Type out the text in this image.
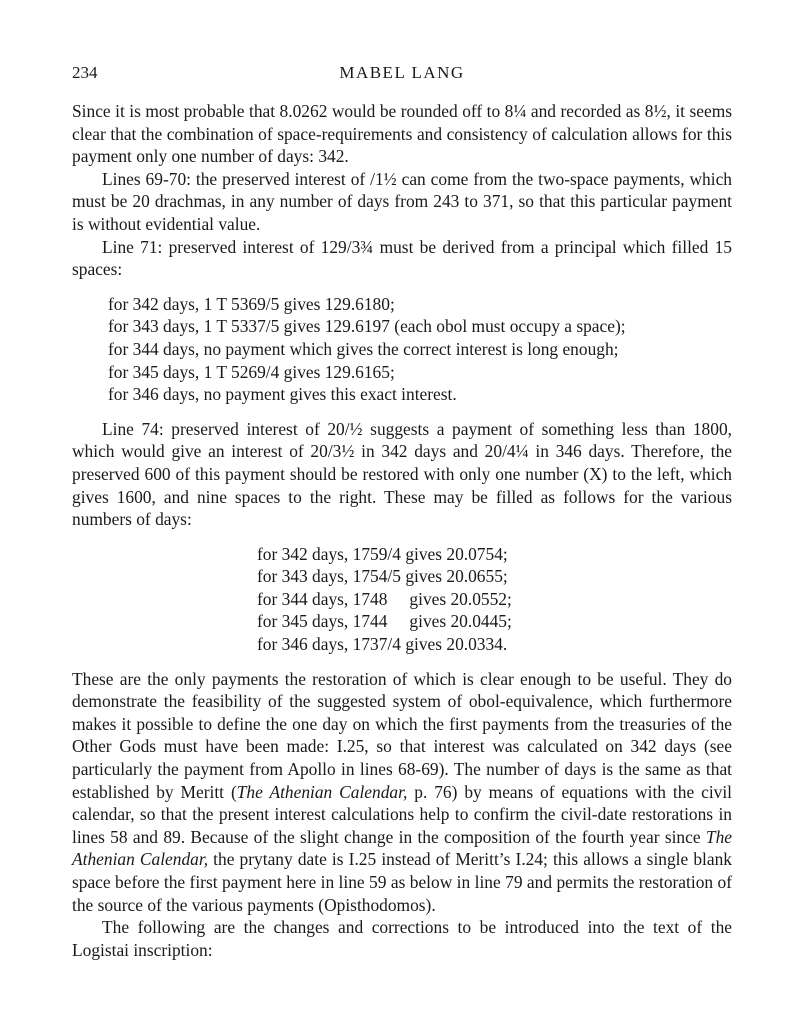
234	MABEL LANG

Since it is most probable that 8.0262 would be rounded off to 8¼ and recorded as 8½, it seems clear that the combination of space-requirements and consistency of calculation allows for this payment only one number of days: 342.

Lines 69-70: the preserved interest of /1½ can come from the two-space payments, which must be 20 drachmas, in any number of days from 243 to 371, so that this particular payment is without evidential value.

Line 71: preserved interest of 129/3¾ must be derived from a principal which filled 15 spaces:

for 342 days, 1 T 5369/5 gives 129.6180;
for 343 days, 1 T 5337/5 gives 129.6197 (each obol must occupy a space);
for 344 days, no payment which gives the correct interest is long enough;
for 345 days, 1 T 5269/4 gives 129.6165;
for 346 days, no payment gives this exact interest.

Line 74: preserved interest of 20/½ suggests a payment of something less than 1800, which would give an interest of 20/3½ in 342 days and 20/4¼ in 346 days. Therefore, the preserved 600 of this payment should be restored with only one number (X) to the left, which gives 1600, and nine spaces to the right. These may be filled as follows for the various numbers of days:

for 342 days, 1759/4 gives 20.0754;
for 343 days, 1754/5 gives 20.0655;
for 344 days, 1748 gives 20.0552;
for 345 days, 1744 gives 20.0445;
for 346 days, 1737/4 gives 20.0334.

These are the only payments the restoration of which is clear enough to be useful. They do demonstrate the feasibility of the suggested system of obol-equivalence, which furthermore makes it possible to define the one day on which the first payments from the treasuries of the Other Gods must have been made: I.25, so that interest was calculated on 342 days (see particularly the payment from Apollo in lines 68-69). The number of days is the same as that established by Meritt (The Athenian Calendar, p. 76) by means of equations with the civil calendar, so that the present interest calculations help to confirm the civil-date restorations in lines 58 and 89. Because of the slight change in the composition of the fourth year since The Athenian Calendar, the prytany date is I.25 instead of Meritt’s I.24; this allows a single blank space before the first payment here in line 59 as below in line 79 and permits the restoration of the source of the various payments (Opisthodomos).

The following are the changes and corrections to be introduced into the text of the Logistai inscription:
